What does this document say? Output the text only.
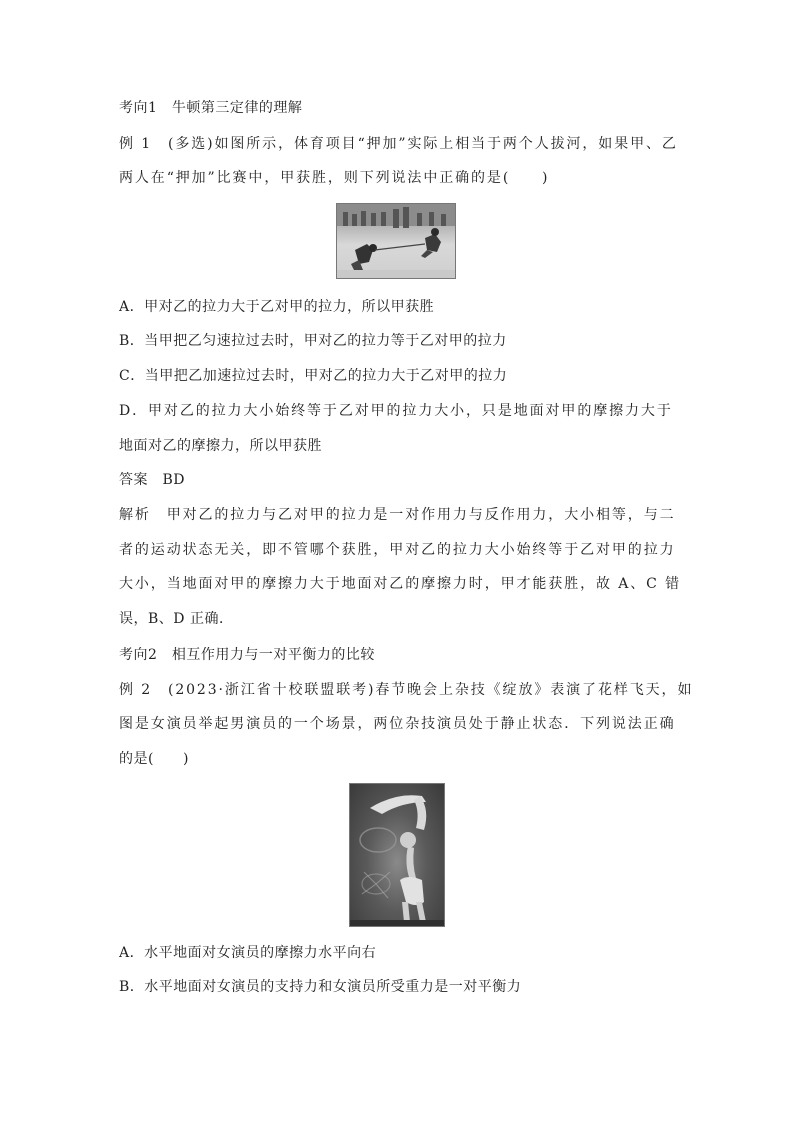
考向1　牛顿第三定律的理解
例 1　(多选)如图所示，体育项目“押加”实际上相当于两个人拔河，如果甲、乙
两人在“押加”比赛中，甲获胜，则下列说法中正确的是(　　)
A．甲对乙的拉力大于乙对甲的拉力，所以甲获胜
B．当甲把乙匀速拉过去时，甲对乙的拉力等于乙对甲的拉力
C．当甲把乙加速拉过去时，甲对乙的拉力大于乙对甲的拉力
D．甲对乙的拉力大小始终等于乙对甲的拉力大小，只是地面对甲的摩擦力大于
地面对乙的摩擦力，所以甲获胜
答案　BD
解析　甲对乙的拉力与乙对甲的拉力是一对作用力与反作用力，大小相等，与二
者的运动状态无关，即不管哪个获胜，甲对乙的拉力大小始终等于乙对甲的拉力
大小，当地面对甲的摩擦力大于地面对乙的摩擦力时，甲才能获胜，故 A、C 错
误，B、D 正确．
考向2　相互作用力与一对平衡力的比较
例 2　(2023·浙江省十校联盟联考)春节晚会上杂技《绽放》表演了花样飞天，如
图是女演员举起男演员的一个场景，两位杂技演员处于静止状态．下列说法正确
的是(　　)
A．水平地面对女演员的摩擦力水平向右
B．水平地面对女演员的支持力和女演员所受重力是一对平衡力
